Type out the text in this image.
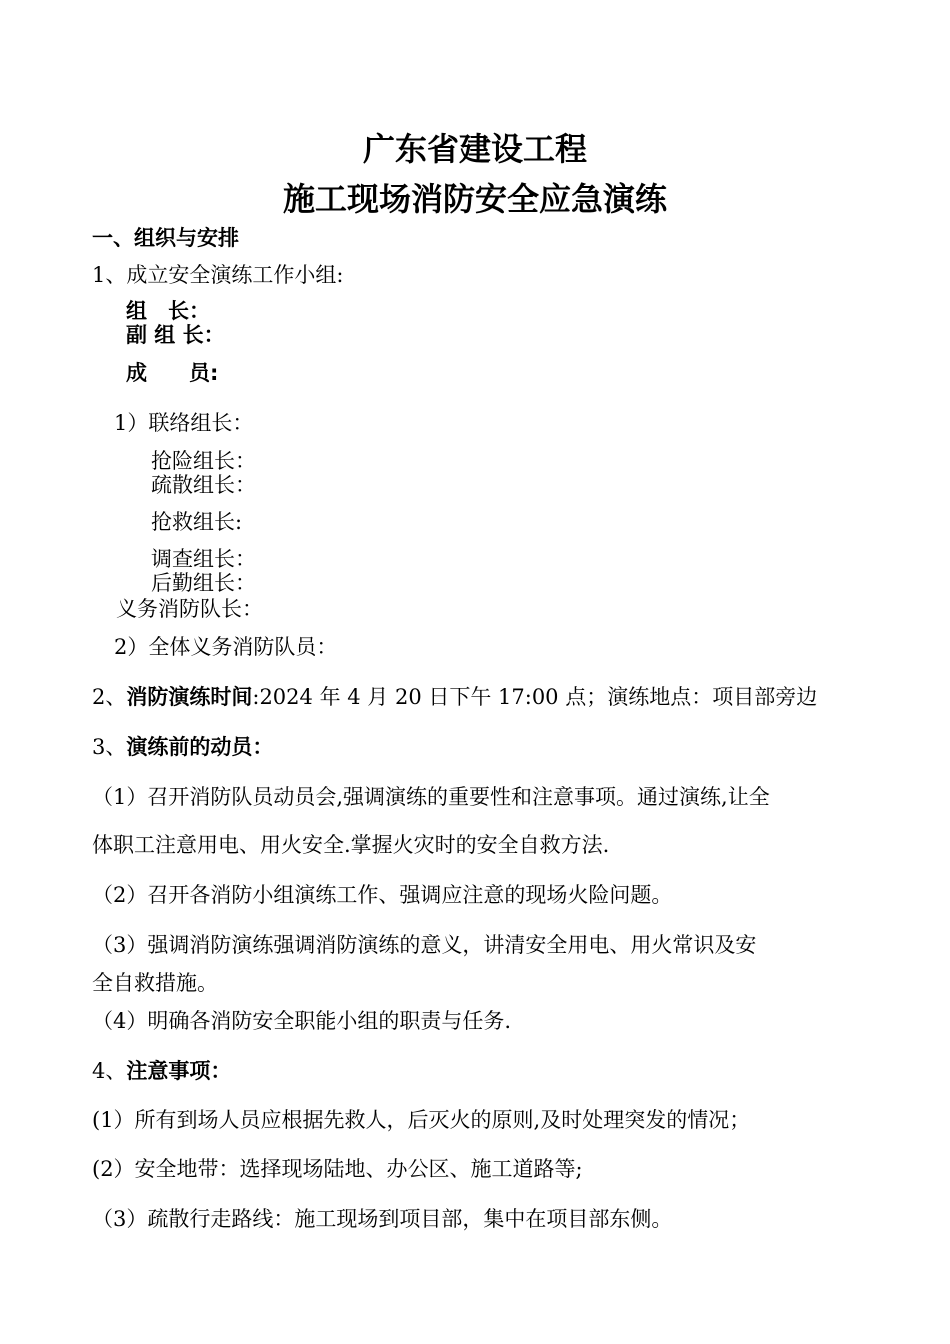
广东省建设工程
施工现场消防安全应急演练
一、组织与安排
1、成立安全演练工作小组:
组　长：
副 组 长：
成　　员:
1）联络组长：
抢险组长：
疏散组长：
抢救组长:
调查组长：
后勤组长：
义务消防队长：
2）全体义务消防队员：
2、消防演练时间:2024 年 4 月 20 日下午 17:00 点；演练地点：项目部旁边
3、演练前的动员：
（1）召开消防队员动员会,强调演练的重要性和注意事项。通过演练,让全
体职工注意用电、用火安全.掌握火灾时的安全自救方法.
（2）召开各消防小组演练工作、强调应注意的现场火险问题。
（3）强调消防演练强调消防演练的意义，讲清安全用电、用火常识及安
全自救措施。
（4）明确各消防安全职能小组的职责与任务.
4、注意事项：
(1）所有到场人员应根据先救人，后灭火的原则,及时处理突发的情况；
(2）安全地带：选择现场陆地、办公区、施工道路等;
（3）疏散行走路线：施工现场到项目部，集中在项目部东侧。
